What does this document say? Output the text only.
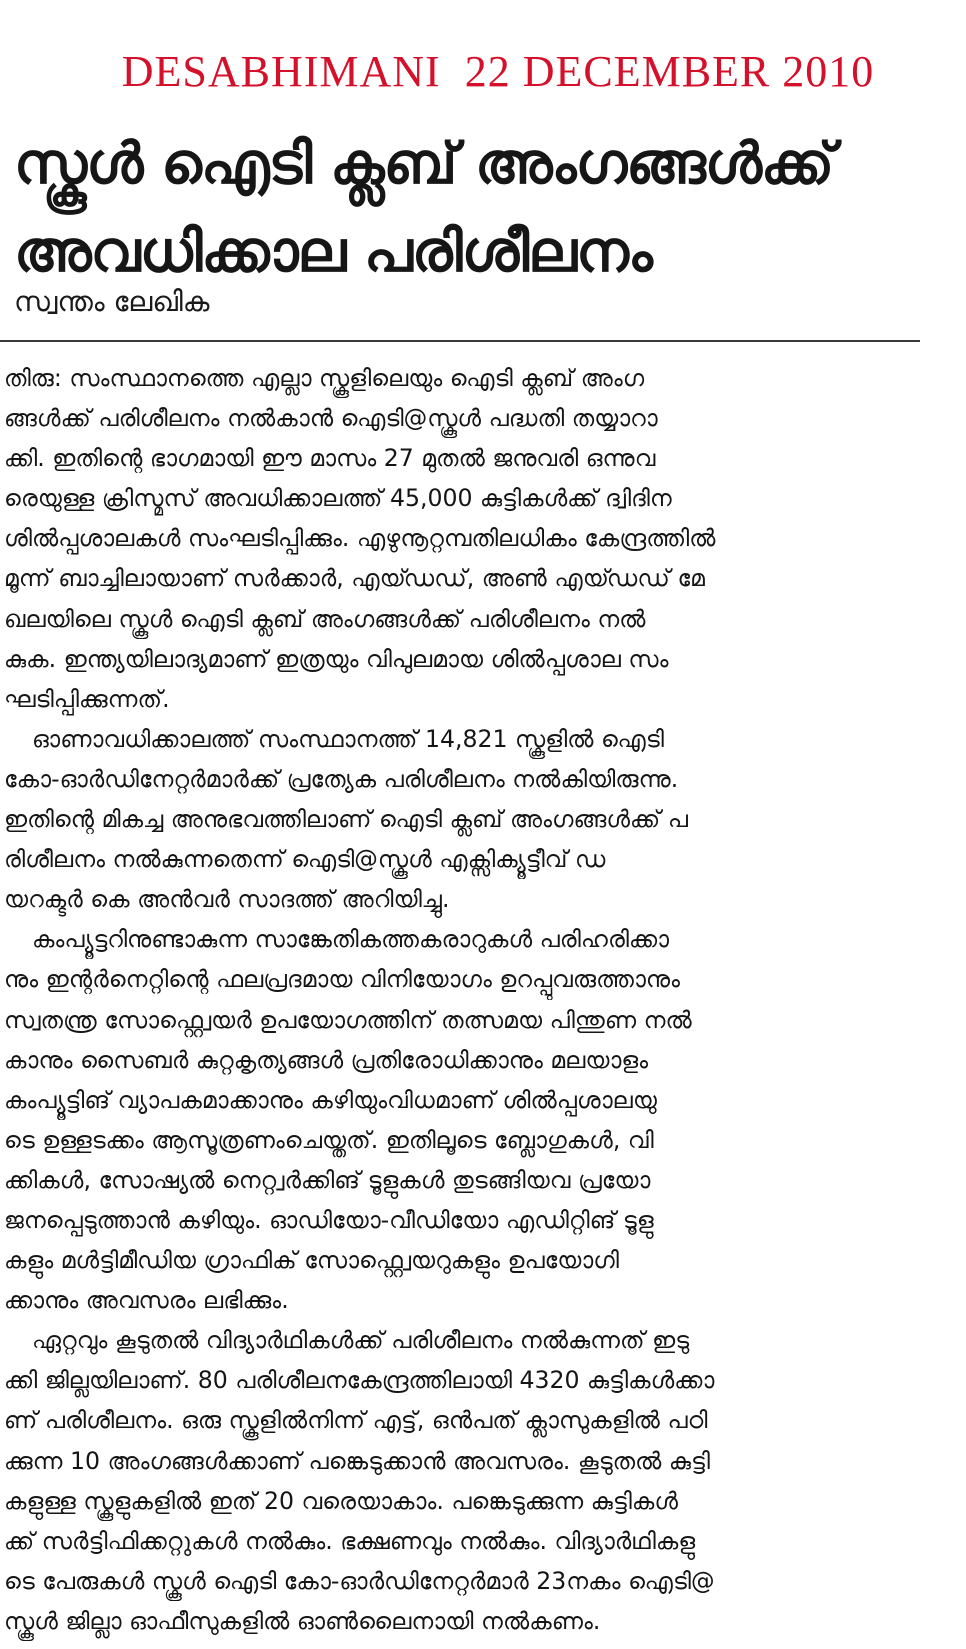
DESABHIMANI 22 DECEMBER 2010
സ്കൂൾ ഐടി ക്ലബ് അംഗങ്ങൾക്ക്
അവധിക്കാല പരിശീലനം
സ്വന്തം ലേഖിക
തിരു: സംസ്ഥാനത്തെ എല്ലാ സ്കൂളിലെയും ഐടി ക്ലബ് അംഗ
ങ്ങൾക്ക് പരിശീലനം നൽകാൻ ഐടി@സ്കൂൾ പദ്ധതി തയ്യാറാ
ക്കി. ഇതിന്റെ ഭാഗമായി ഈ മാസം 27 മുതൽ ജനുവരി ഒന്നുവ
രെയുള്ള ക്രിസ്മസ് അവധിക്കാലത്ത് 45,000 കുട്ടികൾക്ക് ദ്വിദിന
ശിൽപ്പശാലകൾ സംഘടിപ്പിക്കും. എഴുനൂറ്റമ്പതിലധികം കേന്ദ്രത്തിൽ
മൂന്ന് ബാച്ചിലായാണ് സർക്കാർ, എയ്ഡഡ്, അൺ എയ്ഡഡ് മേ
ഖലയിലെ സ്കൂൾ ഐടി ക്ലബ് അംഗങ്ങൾക്ക് പരിശീലനം നൽ
കുക. ഇന്ത്യയിലാദ്യമാണ് ഇത്രയും വിപുലമായ ശിൽപ്പശാല സം
ഘടിപ്പിക്കുന്നത്.
ഓണാവധിക്കാലത്ത് സംസ്ഥാനത്ത് 14,821 സ്കൂളിൽ ഐടി
കോ-ഓർഡിനേറ്റർമാർക്ക് പ്രത്യേക പരിശീലനം നൽകിയിരുന്നു.
ഇതിന്റെ മികച്ച അനുഭവത്തിലാണ് ഐടി ക്ലബ് അംഗങ്ങൾക്ക് പ
രിശീലനം നൽകുന്നതെന്ന് ഐടി@സ്കൂൾ എക്സിക്യൂട്ടീവ് ഡ
യറക്ടർ കെ അൻവർ സാദത്ത് അറിയിച്ചു.
കംപ്യൂട്ടറിനുണ്ടാകുന്ന സാങ്കേതികത്തകരാറുകൾ പരിഹരിക്കാ
നും ഇന്റർനെറ്റിന്റെ ഫലപ്രദമായ വിനിയോഗം ഉറപ്പുവരുത്താനും
സ്വതന്ത്ര സോഫ്റ്റ്വെയർ ഉപയോഗത്തിന് തത്സമയ പിന്തുണ നൽ
കാനും സൈബർ കുറ്റകൃത്യങ്ങൾ പ്രതിരോധിക്കാനും മലയാളം
കംപ്യൂട്ടിങ് വ്യാപകമാക്കാനും കഴിയുംവിധമാണ് ശിൽപ്പശാലയു
ടെ ഉള്ളടക്കം ആസൂത്രണംചെയ്തത്. ഇതിലൂടെ ബ്ലോഗുകൾ, വി
ക്കികൾ, സോഷ്യൽ നെറ്റ്വർക്കിങ് ടൂളുകൾ തുടങ്ങിയവ പ്രയോ
ജനപ്പെടുത്താൻ കഴിയും. ഓഡിയോ-വീഡിയോ എഡിറ്റിങ് ടൂളു
കളും മൾട്ടിമീഡിയ ഗ്രാഫിക് സോഫ്റ്റ്വെയറുകളും ഉപയോഗി
ക്കാനും അവസരം ലഭിക്കും.
ഏറ്റവും കൂടുതൽ വിദ്യാർഥികൾക്ക് പരിശീലനം നൽകുന്നത് ഇടു
ക്കി ജില്ലയിലാണ്. 80 പരിശീലനകേന്ദ്രത്തിലായി 4320 കുട്ടികൾക്കാ
ണ് പരിശീലനം. ഒരു സ്കൂളിൽനിന്ന് എട്ട്, ഒൻപത് ക്ലാസുകളിൽ പഠി
ക്കുന്ന 10 അംഗങ്ങൾക്കാണ് പങ്കെടുക്കാൻ അവസരം. കൂടുതൽ കുട്ടി
കളുള്ള സ്കൂളുകളിൽ ഇത് 20 വരെയാകാം. പങ്കെടുക്കുന്ന കുട്ടികൾ
ക്ക് സർട്ടിഫിക്കറ്റുകൾ നൽകും. ഭക്ഷണവും നൽകും. വിദ്യാർഥികളു
ടെ പേരുകൾ സ്കൂൾ ഐടി കോ-ഓർഡിനേറ്റർമാർ 23നകം ഐടി@
സ്കൂൾ ജില്ലാ ഓഫീസുകളിൽ ഓൺലൈനായി നൽകണം.
